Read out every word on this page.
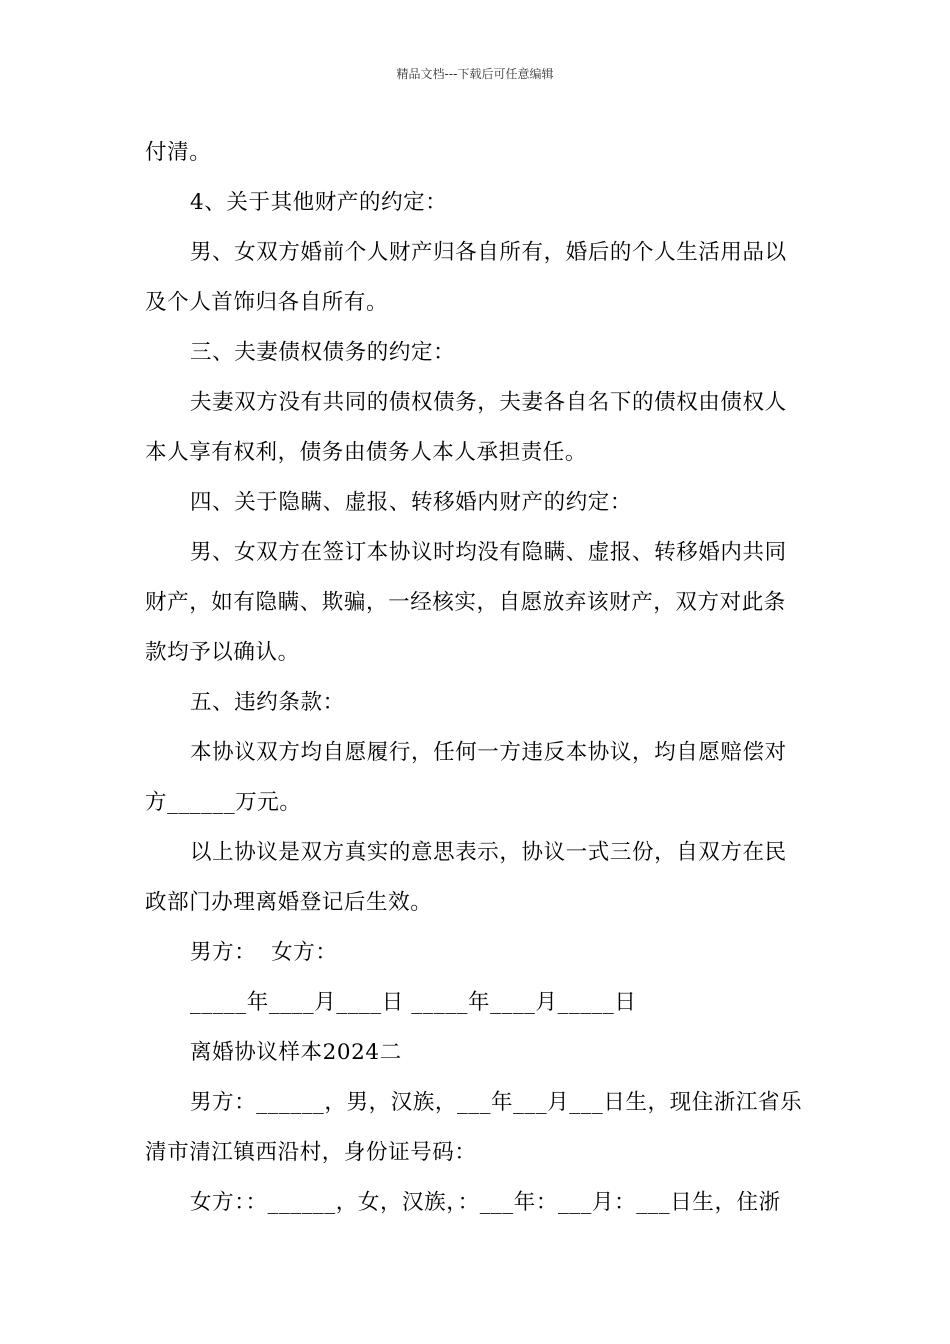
精品文档---下载后可任意编辑
付清。
4、关于其他财产的约定：
男、女双方婚前个人财产归各自所有，婚后的个人生活用品以
及个人首饰归各自所有。
三、夫妻债权债务的约定：
夫妻双方没有共同的债权债务，夫妻各自名下的债权由债权人
本人享有权利，债务由债务人本人承担责任。
四、关于隐瞒、虚报、转移婚内财产的约定：
男、女双方在签订本协议时均没有隐瞒、虚报、转移婚内共同
财产，如有隐瞒、欺骗，一经核实，自愿放弃该财产，双方对此条
款均予以确认。
五、违约条款：
本协议双方均自愿履行，任何一方违反本协议，均自愿赔偿对
方______万元。
以上协议是双方真实的意思表示，协议一式三份，自双方在民
政部门办理离婚登记后生效。
男方：  女方：
_____年____月____日 _____年____月_____日
离婚协议样本2024二
男方：______，男，汉族，___年___月___日生，现住浙江省乐
清市清江镇西沿村，身份证号码：
女方：：______，女，汉族，：___年：___月：___日生，住浙
